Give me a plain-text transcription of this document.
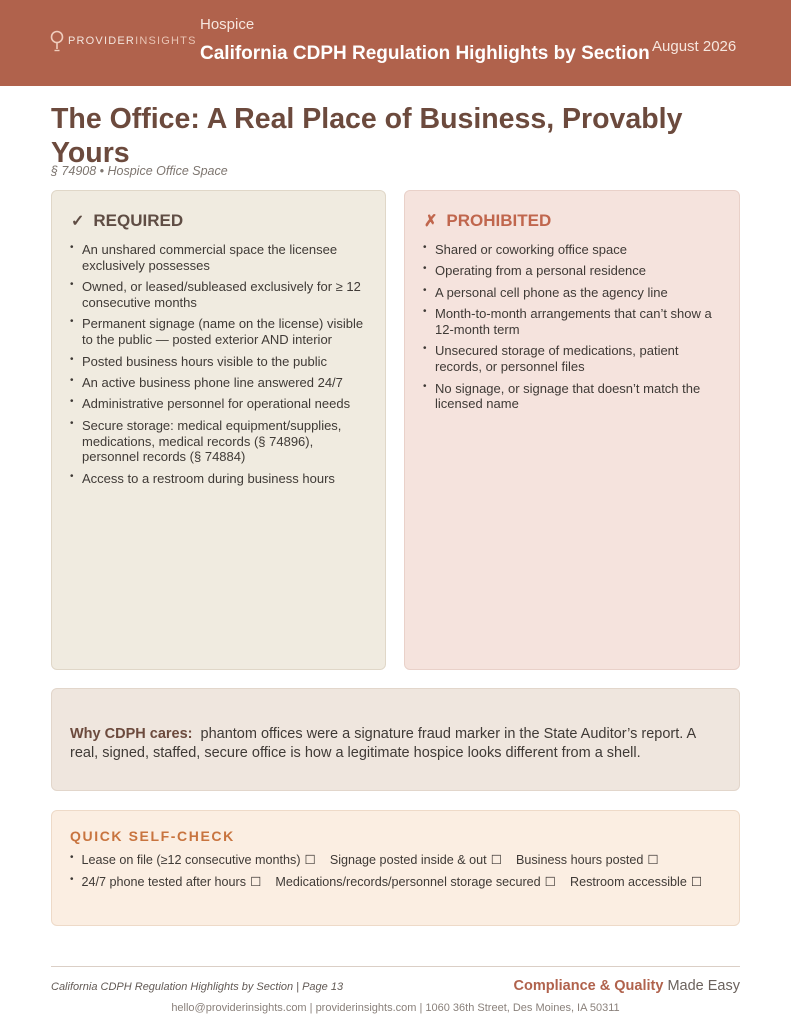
PROVIDERINSIGHTS
Hospice
California CDPH Regulation Highlights by Section August 2026
The Office: A Real Place of Business, Provably Yours
§ 74908 • Hospice Office Space
✓ REQUIRED
• An unshared commercial space the licensee exclusively possesses
• Owned, or leased/subleased exclusively for ≥ 12 consecutive months
• Permanent signage (name on the license) visible to the public — posted exterior AND interior
• Posted business hours visible to the public
• An active business phone line answered 24/7
• Administrative personnel for operational needs
• Secure storage: medical equipment/supplies, medications, medical records (§ 74896), personnel records (§ 74884)
• Access to a restroom during business hours
✗ PROHIBITED
• Shared or coworking office space
• Operating from a personal residence
• A personal cell phone as the agency line
• Month-to-month arrangements that can’t show a 12-month term
• Unsecured storage of medications, patient records, or personnel files
• No signage, or signage that doesn’t match the licensed name

Why CDPH cares: phantom offices were a signature fraud marker in the State Auditor’s report. A real, signed, staffed, secure office is how a legitimate hospice looks different from a shell.

QUICK SELF-CHECK
• Lease on file (≥12 consecutive months) ☐ Signage posted inside & out ☐ Business hours posted ☐
• 24/7 phone tested after hours ☐ Medications/records/personnel storage secured ☐ Restroom accessible ☐
California CDPH Regulation Highlights by Section | Page 13	Compliance & Quality Made Easy
hello@providerinsights.com | providerinsights.com | 1060 36th Street, Des Moines, IA 50311
